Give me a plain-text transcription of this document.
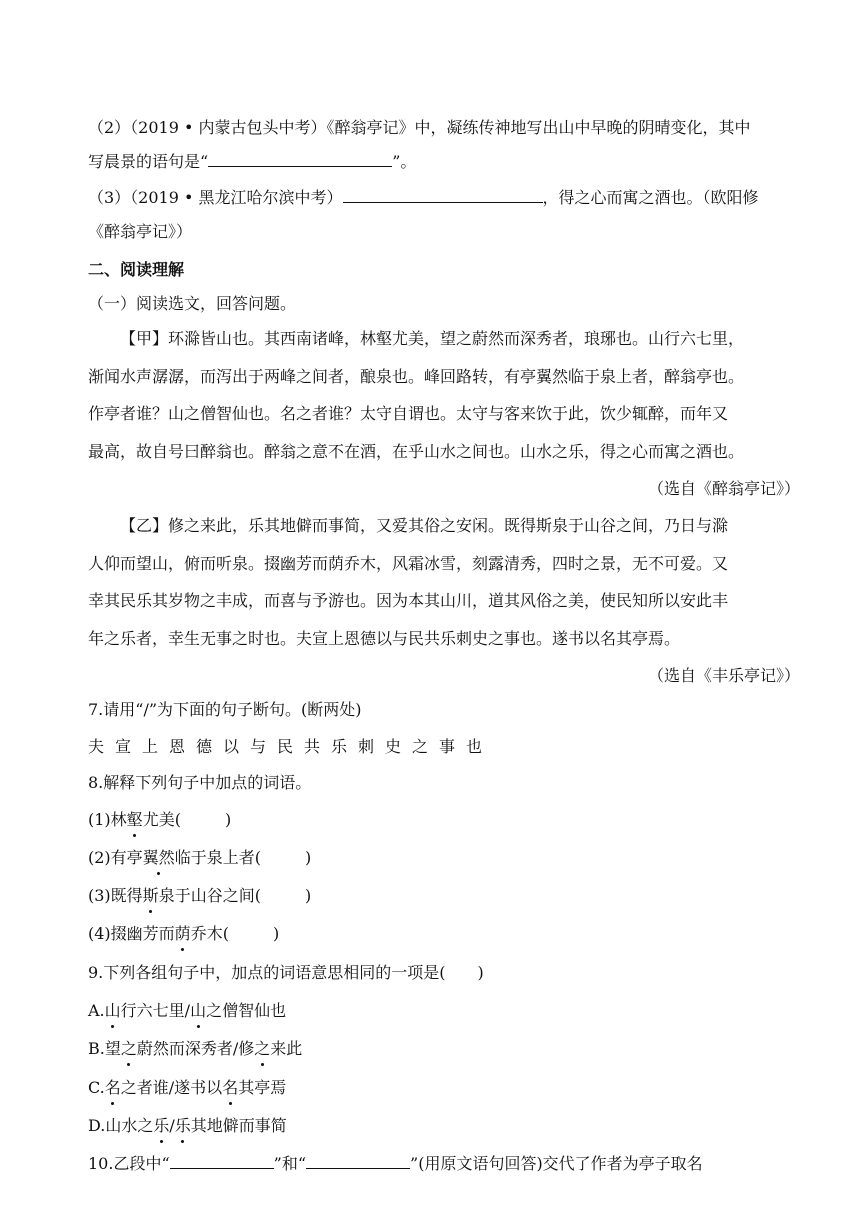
（2）（2019 • 内蒙古包头中考）《醉翁亭记》中，凝练传神地写出山中早晚的阴晴变化，其中
写晨景的语句是“	”。
（3）（2019 • 黑龙江哈尔滨中考）	，得之心而寓之酒也。（欧阳修
《醉翁亭记》）
二、阅读理解
（一）阅读选文，回答问题。
【甲】环滁皆山也。其西南诸峰，林壑尤美，望之蔚然而深秀者，琅琊也。山行六七里，
渐闻水声潺潺，而泻出于两峰之间者，酿泉也。峰回路转，有亭翼然临于泉上者，醉翁亭也。
作亭者谁？山之僧智仙也。名之者谁？太守自谓也。太守与客来饮于此，饮少辄醉，而年又
最高，故自号曰醉翁也。醉翁之意不在酒，在乎山水之间也。山水之乐，得之心而寓之酒也。
（选自《醉翁亭记》）
【乙】修之来此，乐其地僻而事简，又爱其俗之安闲。既得斯泉于山谷之间，乃日与滁
人仰而望山，俯而听泉。掇幽芳而荫乔木，风霜冰雪，刻露清秀，四时之景，无不可爱。又
幸其民乐其岁物之丰成，而喜与予游也。因为本其山川，道其风俗之美，使民知所以安此丰
年之乐者，幸生无事之时也。夫宣上恩德以与民共乐刺史之事也。遂书以名其亭焉。
（选自《丰乐亭记》）
7.请用“/”为下面的句子断句。(断两处)
夫宣上恩德以与民共乐刺史之事也
8.解释下列句子中加点的词语。
(1)林壑尤美(	)
(2)有亭翼然临于泉上者(	)
(3)既得斯泉于山谷之间(	)
(4)掇幽芳而荫乔木(	)
9.下列各组句子中，加点的词语意思相同的一项是(　　)
A.山行六七里/山之僧智仙也
B.望之蔚然而深秀者/修之来此
C.名之者谁/遂书以名其亭焉
D.山水之乐/乐其地僻而事简
10.乙段中“	”和“	”(用原文语句回答)交代了作者为亭子取名
